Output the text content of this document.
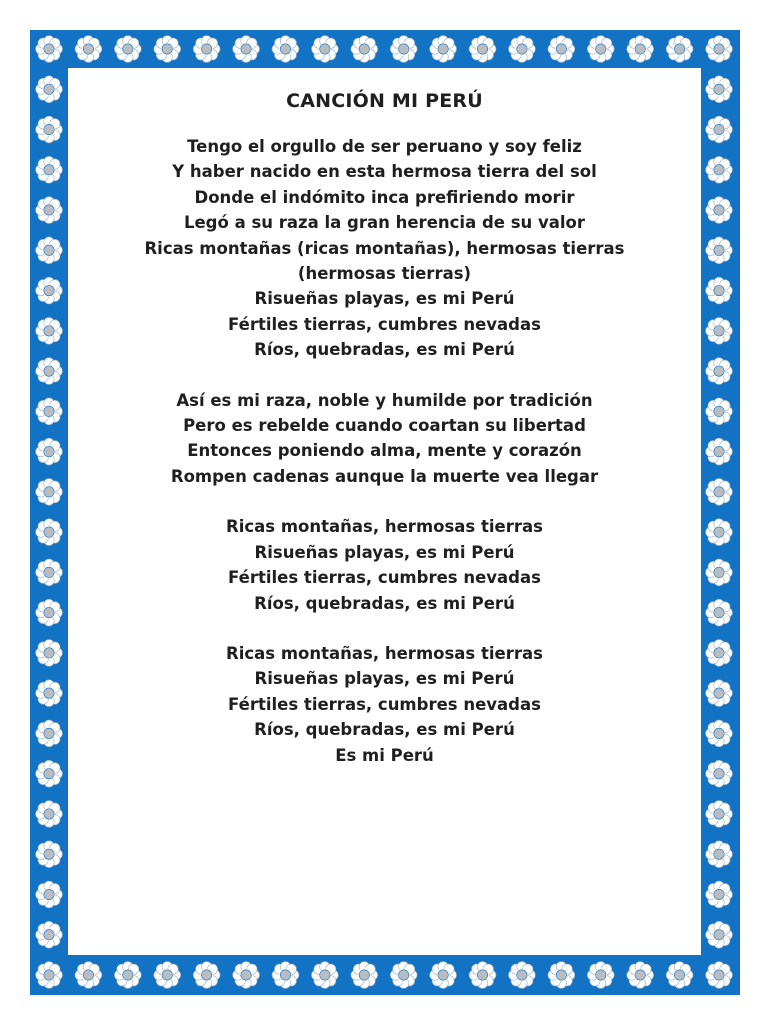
CANCIÓN MI PERÚ
Tengo el orgullo de ser peruano y soy feliz
Y haber nacido en esta hermosa tierra del sol
Donde el indómito inca prefiriendo morir
Legó a su raza la gran herencia de su valor
Ricas montañas (ricas montañas), hermosas tierras
(hermosas tierras)
Risueñas playas, es mi Perú
Fértiles tierras, cumbres nevadas
Ríos, quebradas, es mi Perú
Así es mi raza, noble y humilde por tradición
Pero es rebelde cuando coartan su libertad
Entonces poniendo alma, mente y corazón
Rompen cadenas aunque la muerte vea llegar
Ricas montañas, hermosas tierras
Risueñas playas, es mi Perú
Fértiles tierras, cumbres nevadas
Ríos, quebradas, es mi Perú
Ricas montañas, hermosas tierras
Risueñas playas, es mi Perú
Fértiles tierras, cumbres nevadas
Ríos, quebradas, es mi Perú
Es mi Perú
